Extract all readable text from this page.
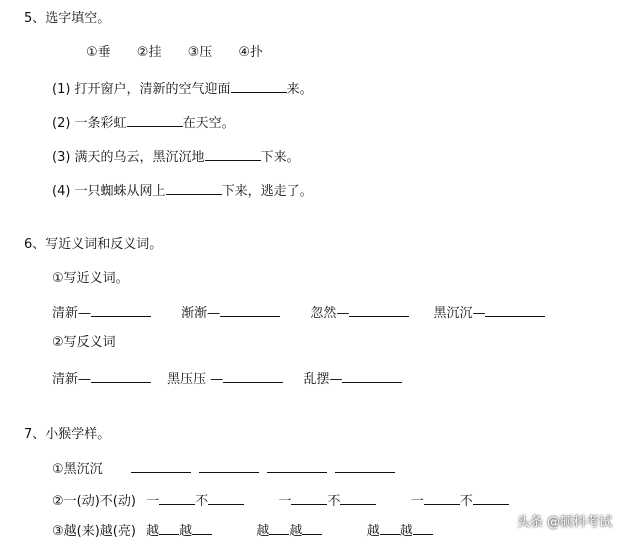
5、选字填空。
①垂 ②挂 ③压 ④扑
(1) 打开窗户，清新的空气迎面	来。
(2) 一条彩虹	在天空。
(3) 满天的乌云，黑沉沉地	下来。
(4) 一只蜘蛛从网上	下来，逃走了。
6、写近义词和反义词。
①写近义词。
清新—	渐渐—	忽然—	黑沉沉—
②写反义词
清新—	黑压压 —	乱摆—
7、小猴学样。
①黑沉沉
②一(动)不(动) 一	不	一	不	一	不
③越(来)越(亮) 越 越	越 越	越 越
头条 @硕科考试
